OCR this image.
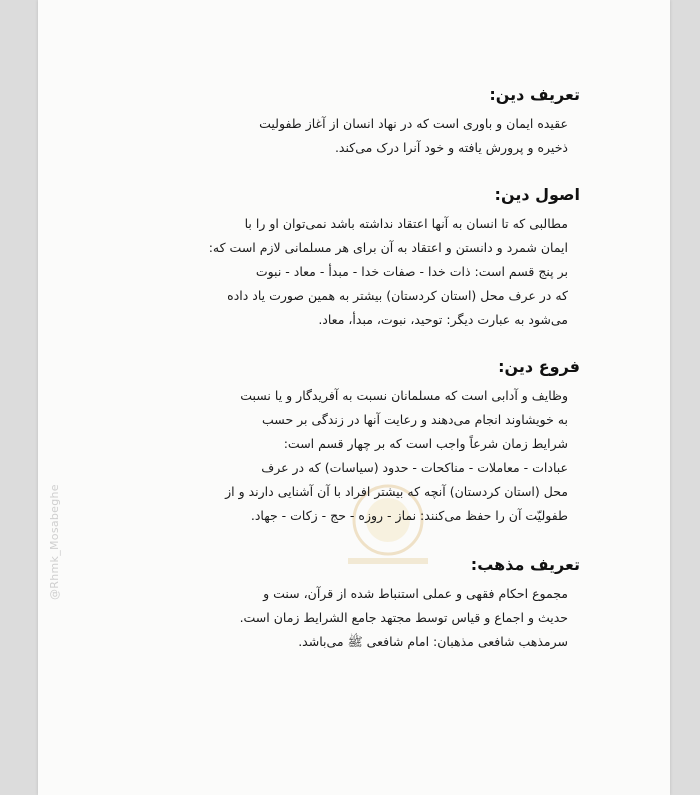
@Rhmk_Mosabeghe
تعریف دین:
عقیده ایمان و باوری است که در نهاد انسان از آغاز طفولیت
ذخیره و پرورش یافته و خود آنرا درک می‌کند.
اصول دین:
مطالبی که تا انسان به آنها اعتقاد نداشته باشد نمی‌توان او را با
ایمان شمرد و دانستن و اعتقاد به آن برای هر مسلمانی لازم است که:
بر پنج قسم است: ذات خدا - صفات خدا - مبدأ - معاد - نبوت
که در عرف محل (استان کردستان) بیشتر به همین صورت یاد داده
می‌شود به عبارت دیگر: توحید، نبوت، مبدأ، معاد.
فروع دین:
وظایف و آدابی است که مسلمانان نسبت به آفریدگار و یا نسبت
به خویشاوند انجام می‌دهند و رعایت آنها در زندگی بر حسب
شرایط زمان شرعاً واجب است که بر چهار قسم است:
عبادات - معاملات - مناکحات - حدود (سیاسات) که در عرف
محل (استان کردستان) آنچه که بیشتر افراد با آن آشنایی دارند و از
طفولیّت آن را حفظ می‌کنند: نماز - روزه - حج - زکات - جهاد.
تعریف مذهب:
مجموع احکام فقهی و عملی استنباط شده از قرآن، سنت و
حدیث و اجماع و قیاس توسط مجتهد جامع الشرایط زمان است.
سرمذهب شافعی مذهبان: امام شافعی ﷺ می‌باشد.
